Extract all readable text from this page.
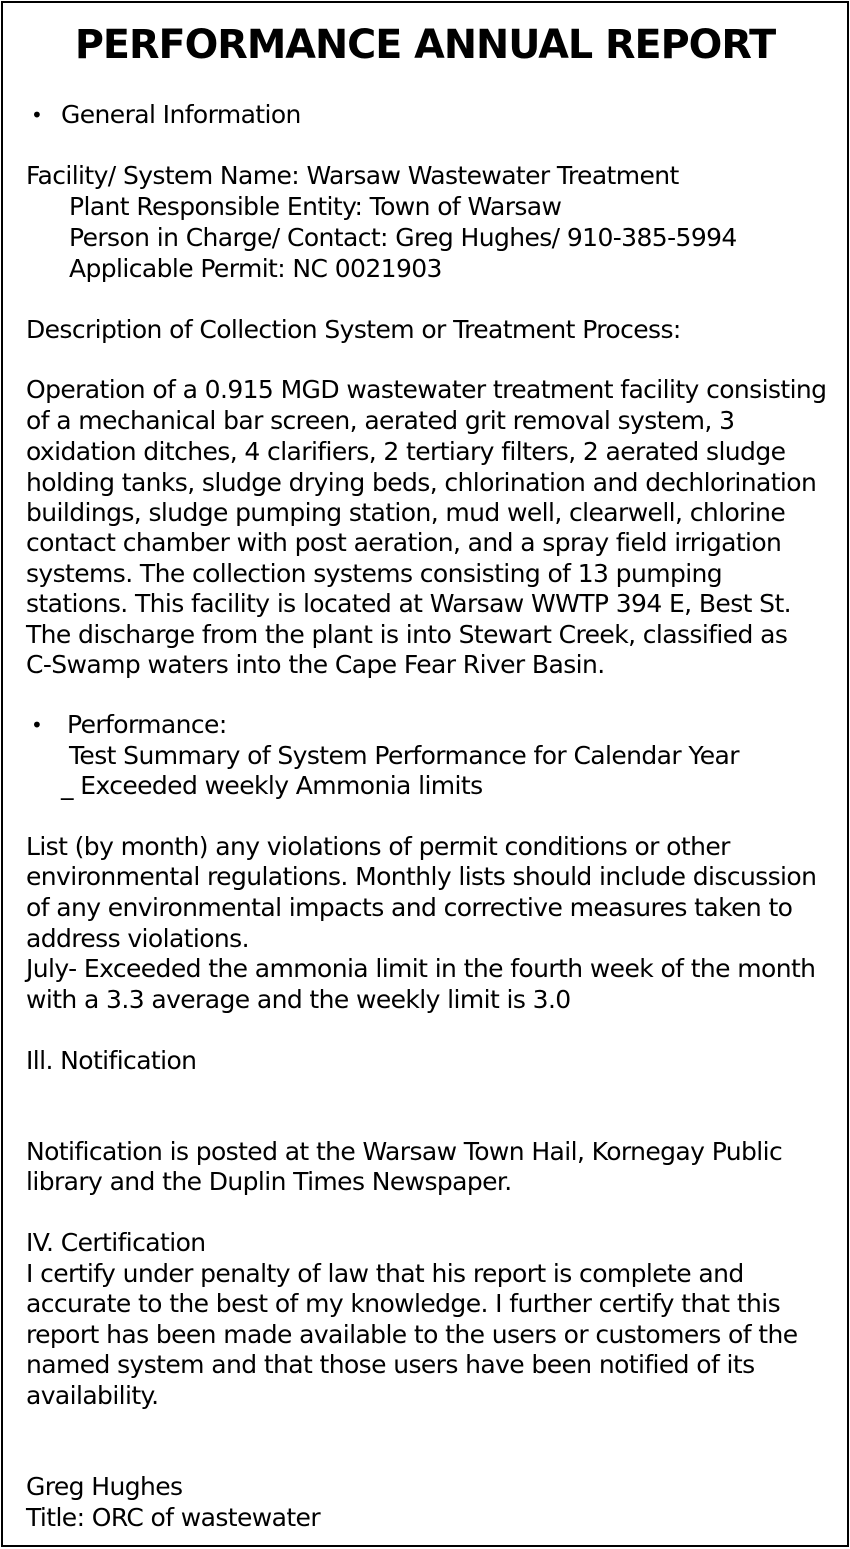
PERFORMANCE ANNUAL REPORT
• General Information
Facility/ System Name: Warsaw Wastewater Treatment
Plant Responsible Entity: Town of Warsaw
Person in Charge/ Contact: Greg Hughes/ 910-385-5994
Applicable Permit: NC 0021903
Description of Collection System or Treatment Process:
Operation of a 0.915 MGD wastewater treatment facility consisting
of a mechanical bar screen, aerated grit removal system, 3
oxidation ditches, 4 clarifiers, 2 tertiary filters, 2 aerated sludge
holding tanks, sludge drying beds, chlorination and dechlorination
buildings, sludge pumping station, mud well, clearwell, chlorine
contact chamber with post aeration, and a spray field irrigation
systems. The collection systems consisting of 13 pumping
stations. This facility is located at Warsaw WWTP 394 E, Best St.
The discharge from the plant is into Stewart Creek, classified as
C-Swamp waters into the Cape Fear River Basin.
• Performance:
Test Summary of System Performance for Calendar Year
_ Exceeded weekly Ammonia limits
List (by month) any violations of permit conditions or other
environmental regulations. Monthly lists should include discussion
of any environmental impacts and corrective measures taken to
address violations.
July- Exceeded the ammonia limit in the fourth week of the month
with a 3.3 average and the weekly limit is 3.0
Ill. Notification
Notification is posted at the Warsaw Town Hail, Kornegay Public
library and the Duplin Times Newspaper.
IV. Certification
I certify under penalty of law that his report is complete and
accurate to the best of my knowledge. I further certify that this
report has been made available to the users or customers of the
named system and that those users have been notified of its
availability.
Greg Hughes
Title: ORC of wastewater
